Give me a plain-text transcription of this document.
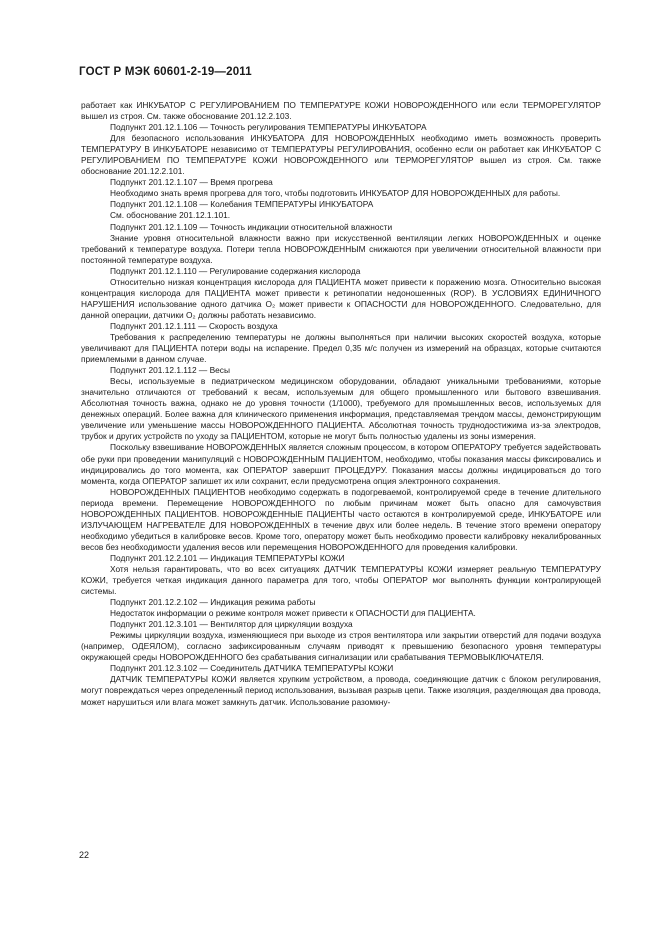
ГОСТ Р МЭК 60601-2-19—2011

работает как ИНКУБАТОР С РЕГУЛИРОВАНИЕМ ПО ТЕМПЕРАТУРЕ КОЖИ НОВОРОЖДЕННОГО или если ТЕРМОРЕГУЛЯТОР вышел из строя. См. также обоснование 201.12.2.103.

Подпункт 201.12.1.106 — Точность регулирования ТЕМПЕРАТУРЫ ИНКУБАТОРА

Для безопасного использования ИНКУБАТОРА ДЛЯ НОВОРОЖДЕННЫХ необходимо иметь возможность проверить ТЕМПЕРАТУРУ В ИНКУБАТОРЕ независимо от ТЕМПЕРАТУРЫ РЕГУЛИРОВАНИЯ, особенно если он работает как ИНКУБАТОР С РЕГУЛИРОВАНИЕМ ПО ТЕМПЕРАТУРЕ КОЖИ НОВОРОЖДЕННОГО или ТЕРМОРЕГУЛЯТОР вышел из строя. См. также обоснование 201.12.2.101.

Подпункт 201.12.1.107 — Время прогрева

Необходимо знать время прогрева для того, чтобы подготовить ИНКУБАТОР ДЛЯ НОВОРОЖДЕННЫХ для работы.

Подпункт 201.12.1.108 — Колебания ТЕМПЕРАТУРЫ ИНКУБАТОРА

См. обоснование 201.12.1.101.

Подпункт 201.12.1.109 — Точность индикации относительной влажности

Знание уровня относительной влажности важно при искусственной вентиляции легких НОВОРОЖДЕННЫХ и оценке требований к температуре воздуха. Потери тепла НОВОРОЖДЕННЫМ снижаются при увеличении относительной влажности при постоянной температуре воздуха.

Подпункт 201.12.1.110 — Регулирование содержания кислорода

Относительно низкая концентрация кислорода для ПАЦИЕНТА может привести к поражению мозга. Относительно высокая концентрация кислорода для ПАЦИЕНТА может привести к ретинопатии недоношенных (ROP). В УСЛОВИЯХ ЕДИНИЧНОГО НАРУШЕНИЯ использование одного датчика O₂ может привести к ОПАСНОСТИ для НОВОРОЖДЕННОГО. Следовательно, для данной операции, датчики O₂ должны работать независимо.

Подпункт 201.12.1.111 — Скорость воздуха

Требования к распределению температуры не должны выполняться при наличии высоких скоростей воздуха, которые увеличивают для ПАЦИЕНТА потери воды на испарение. Предел 0,35 м/с получен из измерений на образцах, которые считаются приемлемыми в данном случае.

Подпункт 201.12.1.112 — Весы

Весы, используемые в педиатрическом медицинском оборудовании, обладают уникальными требованиями, которые значительно отличаются от требований к весам, используемым для общего промышленного или бытового взвешивания. Абсолютная точность важна, однако не до уровня точности (1/1000), требуемого для промышленных весов, используемых для денежных операций. Более важна для клинического применения информация, представляемая трендом массы, демонстрирующим увеличение или уменьшение массы НОВОРОЖДЕННОГО ПАЦИЕНТА. Абсолютная точность труднодостижима из-за электродов, трубок и других устройств по уходу за ПАЦИЕНТОМ, которые не могут быть полностью удалены из зоны измерения.

Поскольку взвешивание НОВОРОЖДЕННЫХ является сложным процессом, в котором ОПЕРАТОРУ требуется задействовать обе руки при проведении манипуляций с НОВОРОЖДЕННЫМ ПАЦИЕНТОМ, необходимо, чтобы показания массы фиксировались и индицировались до того момента, как ОПЕРАТОР завершит ПРОЦЕДУРУ. Показания массы должны индицироваться до того момента, когда ОПЕРАТОР запишет их или сохранит, если предусмотрена опция электронного сохранения.

НОВОРОЖДЕННЫХ ПАЦИЕНТОВ необходимо содержать в подогреваемой, контролируемой среде в течение длительного периода времени. Перемещение НОВОРОЖДЕННОГО по любым причинам может быть опасно для самочувствия НОВОРОЖДЕННЫХ ПАЦИЕНТОВ. НОВОРОЖДЕННЫЕ ПАЦИЕНТЫ часто остаются в контролируемой среде, ИНКУБАТОРЕ или ИЗЛУЧАЮЩЕМ НАГРЕВАТЕЛЕ ДЛЯ НОВОРОЖДЕННЫХ в течение двух или более недель. В течение этого времени оператору необходимо убедиться в калибровке весов. Кроме того, оператору может быть необходимо провести калибровку некалиброванных весов без необходимости удаления весов или перемещения НОВОРОЖДЕННОГО для проведения калибровки.

Подпункт 201.12.2.101 — Индикация ТЕМПЕРАТУРЫ КОЖИ

Хотя нельзя гарантировать, что во всех ситуациях ДАТЧИК ТЕМПЕРАТУРЫ КОЖИ измеряет реальную ТЕМПЕРАТУРУ КОЖИ, требуется четкая индикация данного параметра для того, чтобы ОПЕРАТОР мог выполнять функции контролирующей системы.

Подпункт 201.12.2.102 — Индикация режима работы

Недостаток информации о режиме контроля может привести к ОПАСНОСТИ для ПАЦИЕНТА.

Подпункт 201.12.3.101 — Вентилятор для циркуляции воздуха

Режимы циркуляции воздуха, изменяющиеся при выходе из строя вентилятора или закрытии отверстий для подачи воздуха (например, ОДЕЯЛОМ), согласно зафиксированным случаям приводят к превышению безопасного уровня температуры окружающей среды НОВОРОЖДЕННОГО без срабатывания сигнализации или срабатывания ТЕРМОВЫКЛЮЧАТЕЛЯ.

Подпункт 201.12.3.102 — Соединитель ДАТЧИКА ТЕМПЕРАТУРЫ КОЖИ

ДАТЧИК ТЕМПЕРАТУРЫ КОЖИ является хрупким устройством, а провода, соединяющие датчик с блоком регулирования, могут повреждаться через определенный период использования, вызывая разрыв цепи. Также изоляция, разделяющая два провода, может нарушиться или влага может замкнуть датчик. Использование разомкну-

22
